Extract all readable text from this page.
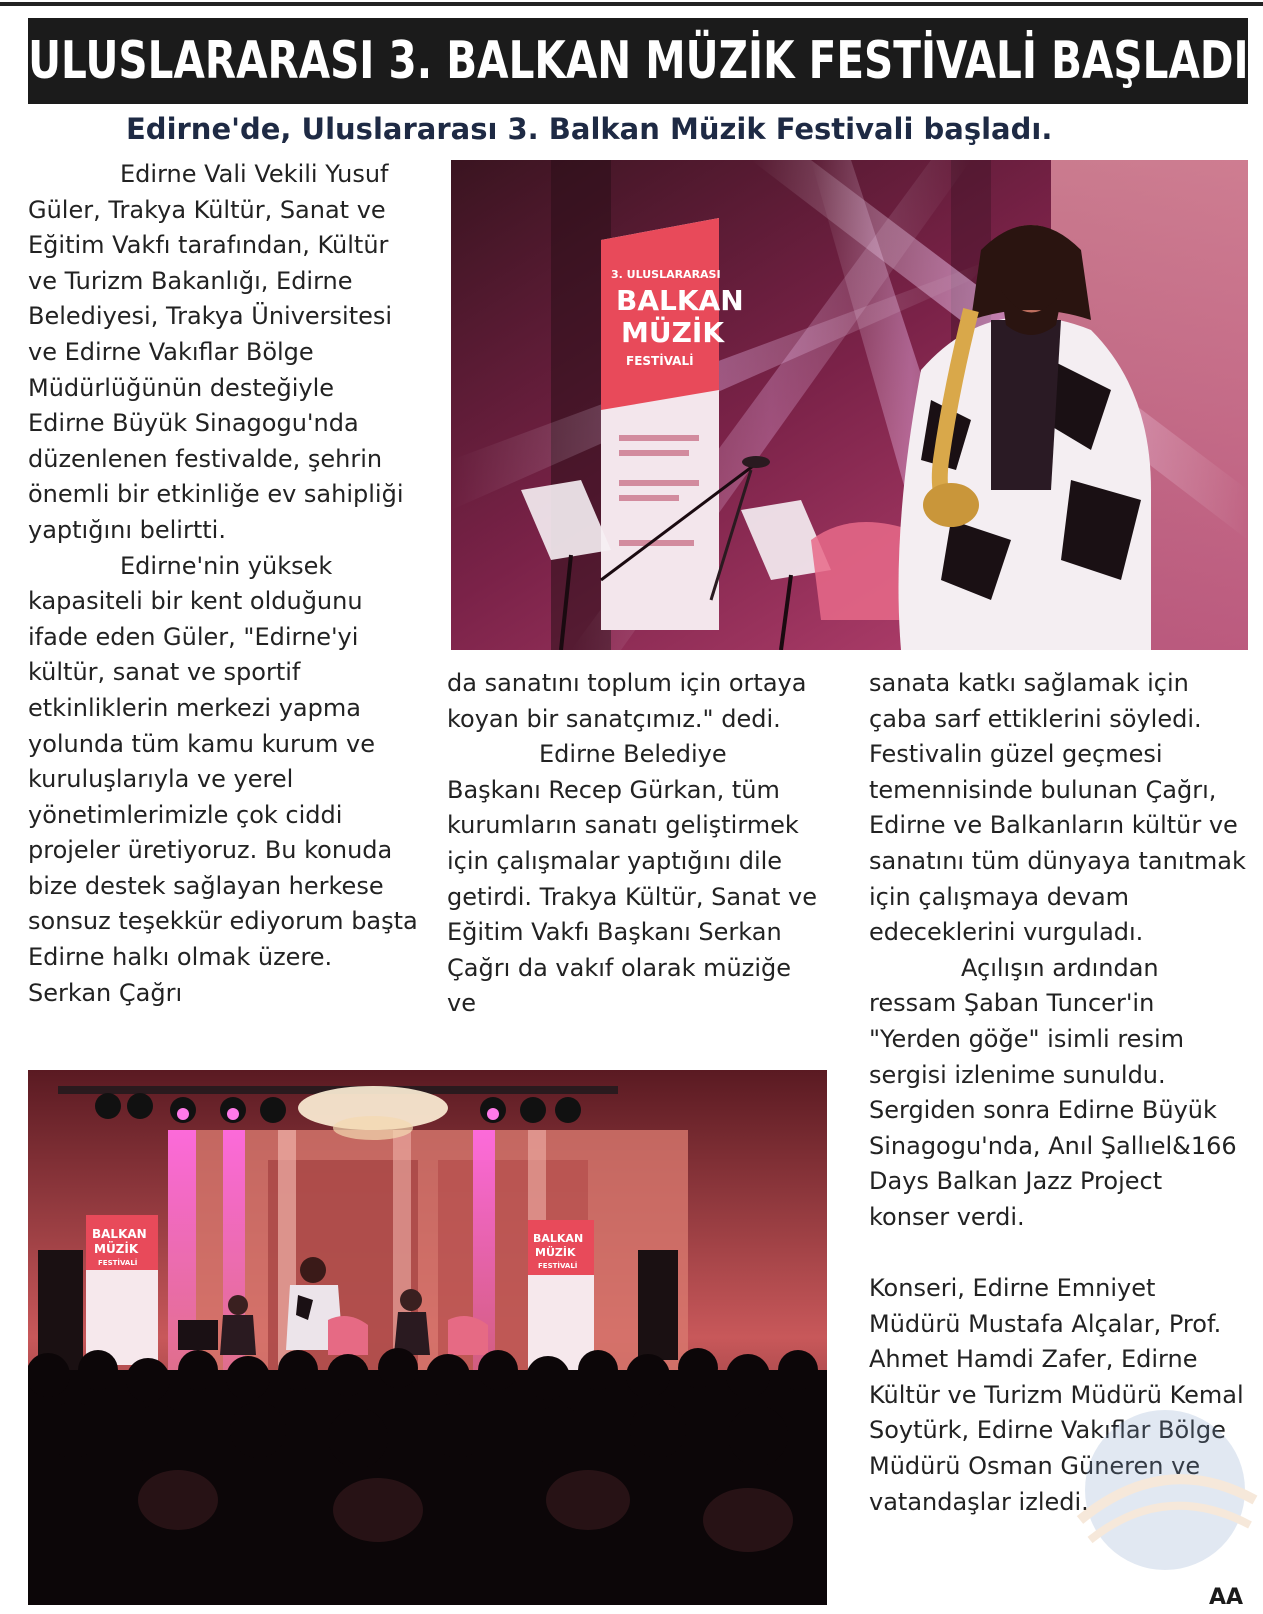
ULUSLARARASI 3. BALKAN MÜZİK FESTİVALİ BAŞLADI
Edirne'de, Uluslararası 3. Balkan Müzik Festivali başladı.

Edirne Vali Vekili Yusuf Güler, Trakya Kültür, Sanat ve Eğitim Vakfı tarafından, Kültür ve Turizm Bakanlığı, Edirne Belediyesi, Trakya Üniversitesi ve Edirne Vakıflar Bölge Müdürlüğünün desteğiyle Edirne Büyük Sinagogu'nda düzenlenen festivalde, şehrin önemli bir etkinliğe ev sahipliği yaptığını belirtti.

Edirne'nin yüksek kapasiteli bir kent olduğunu ifade eden Güler, "Edirne'yi kültür, sanat ve sportif etkinliklerin merkezi yapma yolunda tüm kamu kurum ve kuruluşlarıyla ve yerel yönetimlerimizle çok ciddi projeler üretiyoruz. Bu konuda bize destek sağlayan herkese sonsuz teşekkür ediyorum başta Edirne halkı olmak üzere. Serkan Çağrı

3. ULUSLARARASI
BALKAN
MÜZİK
FESTİVALİ

da sanatını toplum için ortaya koyan bir sanatçımız." dedi.

Edirne Belediye Başkanı Recep Gürkan, tüm kurumların sanatı geliştirmek için çalışmalar yaptığını dile getirdi. Trakya Kültür, Sanat ve Eğitim Vakfı Başkanı Serkan Çağrı da vakıf olarak müziğe ve

sanata katkı sağlamak için çaba sarf ettiklerini söyledi. Festivalin güzel geçmesi temennisinde bulunan Çağrı, Edirne ve Balkanların kültür ve sanatını tüm dünyaya tanıtmak için çalışmaya devam edeceklerini vurguladı.

Açılışın ardından ressam Şaban Tuncer'in "Yerden göğe" isimli resim sergisi izlenime sunuldu. Sergiden sonra Edirne Büyük Sinagogu'nda, Anıl Şallıel&166 Days Balkan Jazz Project konser verdi.

Konseri, Edirne Emniyet Müdürü Mustafa Alçalar, Prof. Ahmet Hamdi Zafer, Edirne Kültür ve Turizm Müdürü Kemal Soytürk, Edirne Vakıflar Bölge Müdürü Osman Güneren ve vatandaşlar izledi.

BALKAN
MÜZİK
FESTİVALİ
BALKAN
MÜZİK
FESTİVALİ
AA
